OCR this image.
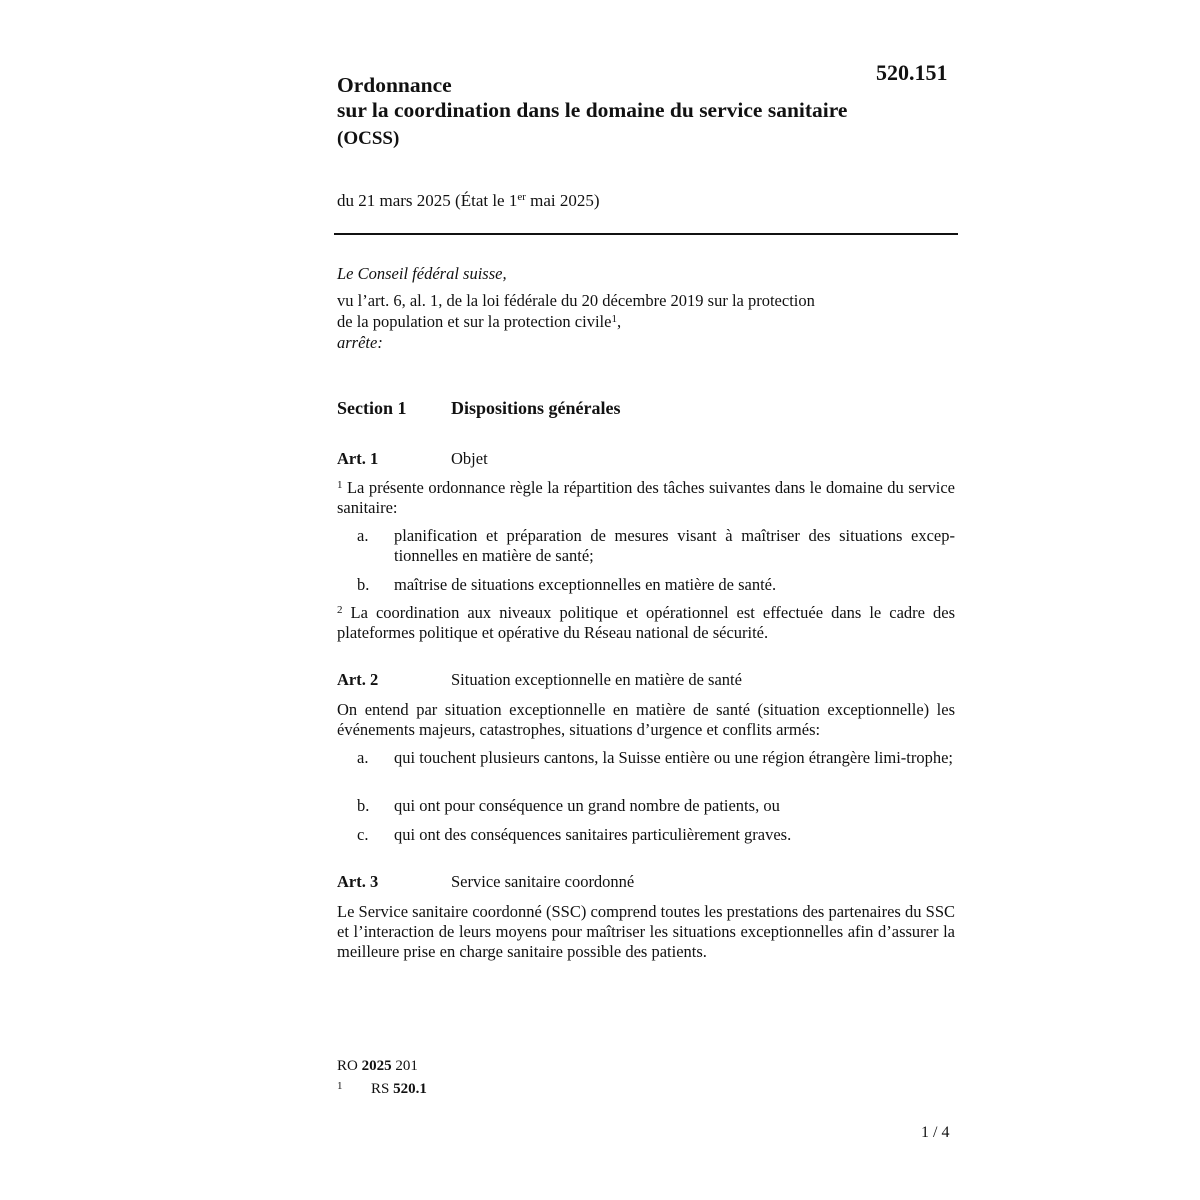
520.151
Ordonnance
sur la coordination dans le domaine du service sanitaire
(OCSS)
du 21 mars 2025 (État le 1er mai 2025)
Le Conseil fédéral suisse,
vu l’art. 6, al. 1, de la loi fédérale du 20 décembre 2019 sur la protection
de la population et sur la protection civile$^1$,
arrête:
Section 1 Dispositions générales
Art. 1	Objet
$^1$ La présente ordonnance règle la répartition des tâches suivantes dans le domaine du service sanitaire:
a. planification et préparation de mesures visant à maîtriser des situations excep-tionnelles en matière de santé;
b. maîtrise de situations exceptionnelles en matière de santé.
$^2$ La coordination aux niveaux politique et opérationnel est effectuée dans le cadre des plateformes politique et opérative du Réseau national de sécurité.
Art. 2	Situation exceptionnelle en matière de santé
On entend par situation exceptionnelle en matière de santé (situation exceptionnelle) les événements majeurs, catastrophes, situations d’urgence et conflits armés:
a. qui touchent plusieurs cantons, la Suisse entière ou une région étrangère limi-trophe;
b. qui ont pour conséquence un grand nombre de patients, ou
c. qui ont des conséquences sanitaires particulièrement graves.
Art. 3	Service sanitaire coordonné
Le Service sanitaire coordonné (SSC) comprend toutes les prestations des partenaires du SSC et l’interaction de leurs moyens pour maîtriser les situations exceptionnelles afin d’assurer la meilleure prise en charge sanitaire possible des patients.
RO 2025 201
1 RS 520.1
1 / 4
